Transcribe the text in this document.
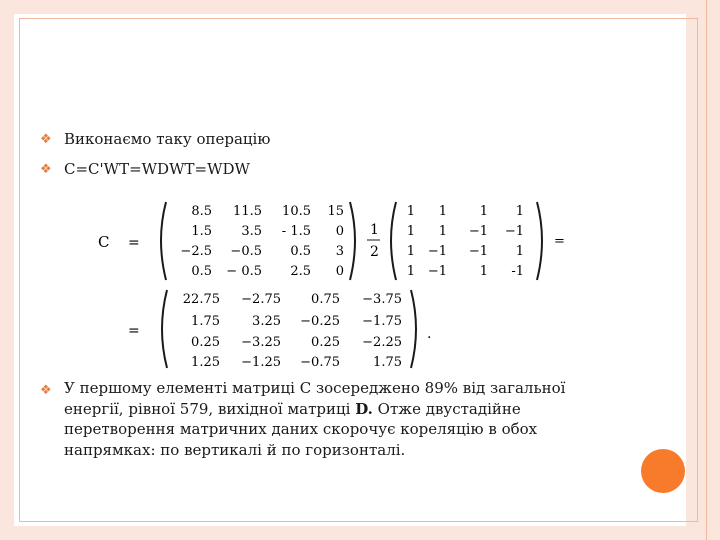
❖ Виконаємо таку операцію
❖ C=C'WT=WDWT=WDW
C =
8.5 11.5 10.5 15
1.5 3.5 - 1.5 0
−2.5 −0.5 0.5 3
0.5 − 0.5 2.5 0
1
2
1 1	1 1
1 1 −1 −1
1 −1 −1 1
1 −1	1 -1
=
=
22.75 −2.75 0.75 −3.75
1.75 3.25 −0.25 −1.75
0.25 −3.25 0.25 −2.25
1.25 −1.25 −0.75	1.75
.
❖ У першому елементі матриці C зосереджено 89% від загальної енергії, рівної 579, вихідної матриці D. Отже двустадійне перетворення матричних даних скорочує кореляцію в обох напрямках: по вертикалі й по горизонталі.
